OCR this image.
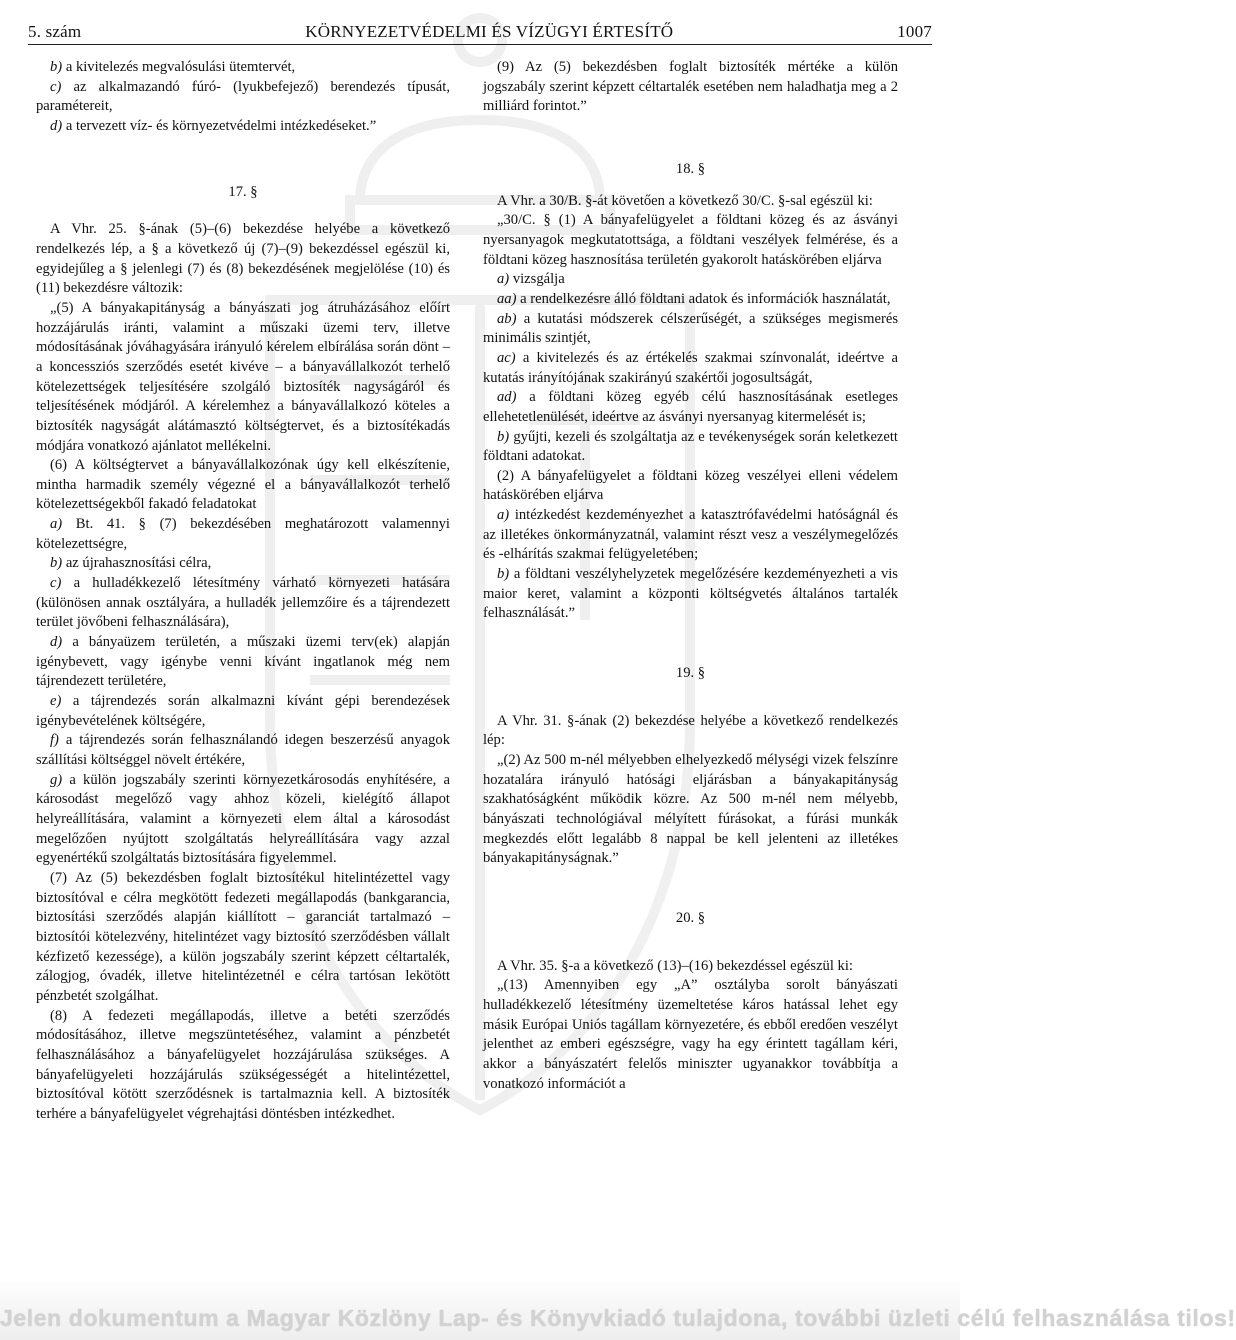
5. szám	KÖRNYEZETVÉDELMI ÉS VÍZÜGYI ÉRTESÍTŐ	1007

b) a kivitelezés megvalósulási ütemtervét,

c) az alkalmazandó fúró- (lyukbefejező) berendezés típusát, paramétereit,

d) a tervezett víz- és környezetvédelmi intézkedéseket.”

17. §

A Vhr. 25. §-ának (5)–(6) bekezdése helyébe a következő rendelkezés lép, a § a következő új (7)–(9) bekezdéssel egészül ki, egyidejűleg a § jelenlegi (7) és (8) bekezdésének megjelölése (10) és (11) bekezdésre változik:

„(5) A bányakapitányság a bányászati jog átruházásához előírt hozzájárulás iránti, valamint a műszaki üzemi terv, illetve módosításának jóváhagyására irányuló kérelem elbírálása során dönt – a koncessziós szerződés esetét kivéve – a bányavállalkozót terhelő kötelezettségek teljesítésére szolgáló biztosíték nagyságáról és teljesítésének módjáról. A kérelemhez a bányavállalkozó köteles a biztosíték nagyságát alátámasztó költségtervet, és a biztosítékadás módjára vonatkozó ajánlatot mellékelni.

(6) A költségtervet a bányavállalkozónak úgy kell elkészítenie, mintha harmadik személy végezné el a bányavállalkozót terhelő kötelezettségekből fakadó feladatokat

a) Bt. 41. § (7) bekezdésében meghatározott valamennyi kötelezettségre,

b) az újrahasznosítási célra,

c) a hulladékkezelő létesítmény várható környezeti hatására (különösen annak osztályára, a hulladék jellemzőire és a tájrendezett terület jövőbeni felhasználására),

d) a bányaüzem területén, a műszaki üzemi terv(ek) alapján igénybevett, vagy igénybe venni kívánt ingatlanok még nem tájrendezett területére,

e) a tájrendezés során alkalmazni kívánt gépi berendezések igénybevételének költségére,

f) a tájrendezés során felhasználandó idegen beszerzésű anyagok szállítási költséggel növelt értékére,

g) a külön jogszabály szerinti környezetkárosodás enyhítésére, a károsodást megelőző vagy ahhoz közeli, kielégítő állapot helyreállítására, valamint a környezeti elem által a károsodást megelőzően nyújtott szolgáltatás helyreállítására vagy azzal egyenértékű szolgáltatás biztosítására figyelemmel.

(7) Az (5) bekezdésben foglalt biztosítékul hitelintézettel vagy biztosítóval e célra megkötött fedezeti megállapodás (bankgarancia, biztosítási szerződés alapján kiállított – garanciát tartalmazó – biztosítói kötelezvény, hitelintézet vagy biztosító szerződésben vállalt kézfizető kezessége), a külön jogszabály szerint képzett céltartalék, zálogjog, óvadék, illetve hitelintézetnél e célra tartósan lekötött pénzbetét szolgálhat.

(8) A fedezeti megállapodás, illetve a betéti szerződés módosításához, illetve megszüntetéséhez, valamint a pénzbetét felhasználásához a bányafelügyelet hozzájárulása szükséges. A bányafelügyeleti hozzájárulás szükségességét a hitelintézettel, biztosítóval kötött szerződésnek is tartalmaznia kell. A biztosíték terhére a bányafelügyelet végrehajtási döntésben intézkedhet.

(9) Az (5) bekezdésben foglalt biztosíték mértéke a külön jogszabály szerint képzett céltartalék esetében nem haladhatja meg a 2 milliárd forintot.”

18. §

A Vhr. a 30/B. §-át követően a következő 30/C. §-sal egészül ki:

„30/C. § (1) A bányafelügyelet a földtani közeg és az ásványi nyersanyagok megkutatottsága, a földtani veszélyek felmérése, és a földtani közeg hasznosítása területén gyakorolt hatáskörében eljárva

a) vizsgálja

aa) a rendelkezésre álló földtani adatok és információk használatát,

ab) a kutatási módszerek célszerűségét, a szükséges megismerés minimális szintjét,

ac) a kivitelezés és az értékelés szakmai színvonalát, ideértve a kutatás irányítójának szakirányú szakértői jogosultságát,

ad) a földtani közeg egyéb célú hasznosításának esetleges ellehetetlenülését, ideértve az ásványi nyersanyag kitermelését is;

b) gyűjti, kezeli és szolgáltatja az e tevékenységek során keletkezett földtani adatokat.

(2) A bányafelügyelet a földtani közeg veszélyei elleni védelem hatáskörében eljárva

a) intézkedést kezdeményezhet a katasztrófavédelmi hatóságnál és az illetékes önkormányzatnál, valamint részt vesz a veszélymegelőzés és -elhárítás szakmai felügyeletében;

b) a földtani veszélyhelyzetek megelőzésére kezdeményezheti a vis maior keret, valamint a központi költségvetés általános tartalék felhasználását.”

19. §

A Vhr. 31. §-ának (2) bekezdése helyébe a következő rendelkezés lép:

„(2) Az 500 m-nél mélyebben elhelyezkedő mélységi vizek felszínre hozatalára irányuló hatósági eljárásban a bányakapitányság szakhatóságként működik közre. Az 500 m-nél nem mélyebb, bányászati technológiával mélyített fúrásokat, a fúrási munkák megkezdés előtt legalább 8 nappal be kell jelenteni az illetékes bányakapitányságnak.”

20. §

A Vhr. 35. §-a a következő (13)–(16) bekezdéssel egészül ki:

„(13) Amennyiben egy „A” osztályba sorolt bányászati hulladékkezelő létesítmény üzemeltetése káros hatással lehet egy másik Európai Uniós tagállam környezetére, és ebből eredően veszélyt jelenthet az emberi egészségre, vagy ha egy érintett tagállam kéri, akkor a bányászatért felelős miniszter ugyanakkor továbbítja a vonatkozó információt a

Jelen dokumentum a Magyar Közlöny Lap- és Könyvkiadó tulajdona, további üzleti célú felhasználása tilos!
